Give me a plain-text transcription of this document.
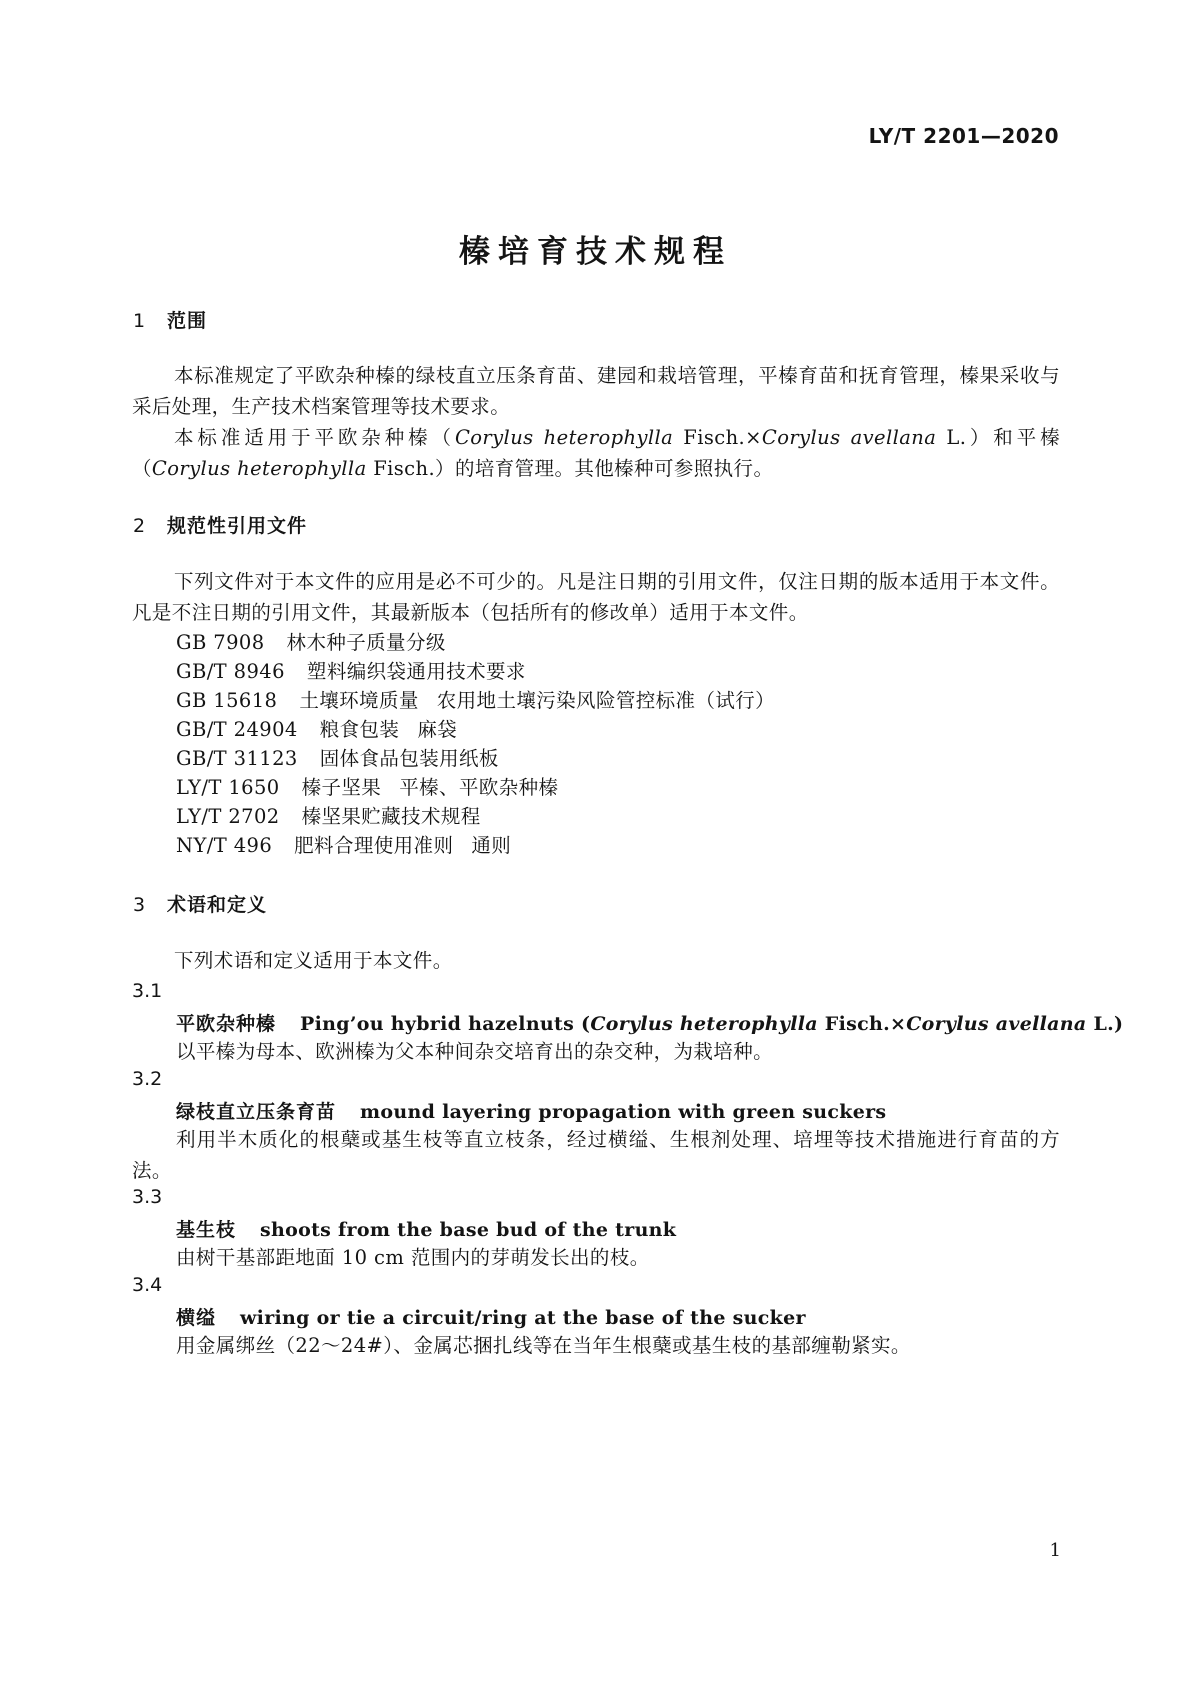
LY/T 2201—2020
榛培育技术规程
1 范围

本标准规定了平欧杂种榛的绿枝直立压条育苗、建园和栽培管理，平榛育苗和抚育管理，榛果采收与采后处理，生产技术档案管理等技术要求。

本标准适用于平欧杂种榛（Corylus heterophylla Fisch.×Corylus avellana L.）和平榛（Corylus heterophylla Fisch.）的培育管理。其他榛种可参照执行。

2 规范性引用文件

下列文件对于本文件的应用是必不可少的。凡是注日期的引用文件，仅注日期的版本适用于本文件。凡是不注日期的引用文件，其最新版本（包括所有的修改单）适用于本文件。

GB 7908 林木种子质量分级

GB/T 8946 塑料编织袋通用技术要求

GB 15618 土壤环境质量 农用地土壤污染风险管控标准（试行）

GB/T 24904 粮食包装 麻袋

GB/T 31123 固体食品包装用纸板

LY/T 1650 榛子坚果 平榛、平欧杂种榛

LY/T 2702 榛坚果贮藏技术规程

NY/T 496 肥料合理使用准则 通则

3 术语和定义

下列术语和定义适用于本文件。

3.1

平欧杂种榛 Ping’ou hybrid hazelnuts (Corylus heterophylla Fisch.×Corylus avellana L.)

以平榛为母本、欧洲榛为父本种间杂交培育出的杂交种，为栽培种。

3.2

绿枝直立压条育苗 mound layering propagation with green suckers

利用半木质化的根蘖或基生枝等直立枝条，经过横缢、生根剂处理、培埋等技术措施进行育苗的方法。

3.3

基生枝 shoots from the base bud of the trunk

由树干基部距地面 10 cm 范围内的芽萌发长出的枝。

3.4

横缢 wiring or tie a circuit/ring at the base of the sucker

用金属绑丝（22～24#）、金属芯捆扎线等在当年生根蘖或基生枝的基部缠勒紧实。

1
